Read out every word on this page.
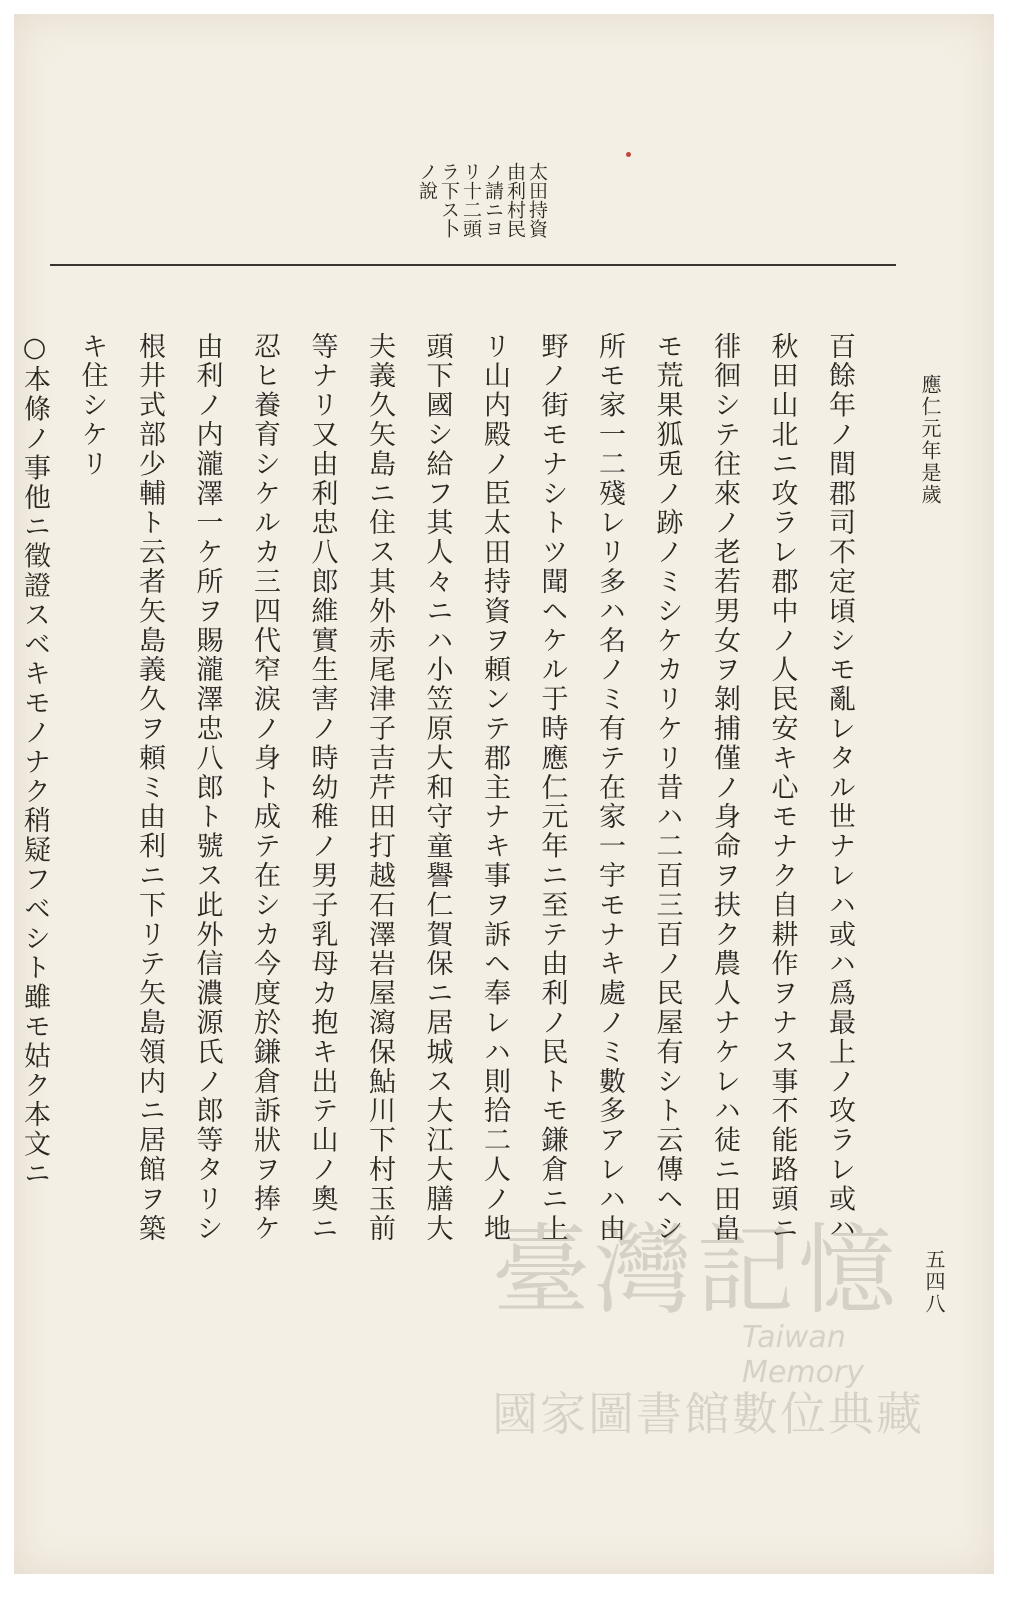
應仁元年是歲
五四八
太田持資
由利村民
ノ請ニヨ
リ十二頭
ラ下ス卜
ノ說
百餘年ノ間郡司不定頃シモ亂レタル世ナレハ或ハ爲最上ノ攻ラレ或ハ
秋田山北ニ攻ラレ郡中ノ人民安キ心モナク自耕作ヲナス事不能路頭ニ
徘徊シテ往來ノ老若男女ヲ剝捕僅ノ身命ヲ扶ク農人ナケレハ徒ニ田畠
モ荒果狐兎ノ跡ノミシケカリケリ昔ハ二百三百ノ民屋有シト云傳ヘシ
所モ家一二殘レリ多ハ名ノミ有テ在家一宇モナキ處ノミ數多アレハ由
野ノ街モナシトツ聞ヘケル于時應仁元年ニ至テ由利ノ民トモ鎌倉ニ上
リ山内殿ノ臣太田持資ヲ頼ンテ郡主ナキ事ヲ訴ヘ奉レハ則拾二人ノ地
頭下國シ給フ其人々ニハ小笠原大和守童譽仁賀保ニ居城ス大江大膳大
夫義久矢島ニ住ス其外赤尾津子吉芹田打越石澤岩屋瀉保鮎川下村玉前
等ナリ又由利忠八郎維實生害ノ時幼稚ノ男子乳母カ抱キ出テ山ノ奧ニ
忍ヒ養育シケルカ三四代窄涙ノ身ト成テ在シカ今度於鎌倉訴狀ヲ捧ケ
由利ノ内瀧澤一ケ所ヲ賜瀧澤忠八郎ト號ス此外信濃源氏ノ郎等タリシ
根井式部少輔ト云者矢島義久ヲ頼ミ由利ニ下リテ矢島領内ニ居館ヲ築
キ住シケリ
○本條ノ事他ニ徵證スベキモノナク稍疑フベシト雖モ姑ク本文ニ
臺灣記憶
Taiwan Memory
國家圖書館數位典藏
